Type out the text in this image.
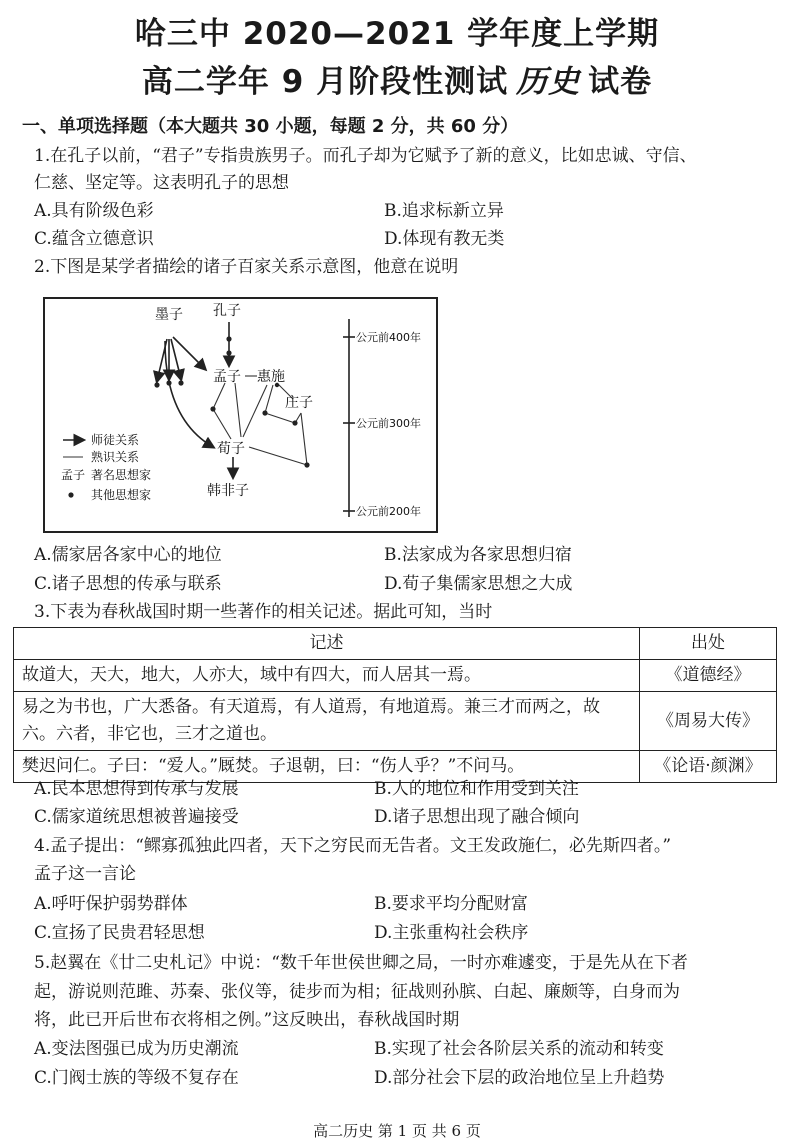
哈三中 2020—2021 学年度上学期
高二学年 9 月阶段性测试 历史 试卷
一、单项选择题（本大题共 30 小题，每题 2 分，共 60 分）
1.在孔子以前，“君子”专指贵族男子。而孔子却为它赋予了新的意义，比如忠诚、守信、
仁慈、坚定等。这表明孔子的思想
A.具有阶级色彩	B.追求标新立异
C.蕴含立德意识	D.体现有教无类
2.下图是某学者描绘的诸子百家关系示意图，他意在说明
墨子 孔子
孟子 惠施
庄子
荀子
韩非子
公元前400年
公元前300年
公元前200年
师徒关系
熟识关系
孟子 著名思想家
其他思想家
A.儒家居各家中心的地位	B.法家成为各家思想归宿
C.诸子思想的传承与联系	D.荀子集儒家思想之大成
3.下表为春秋战国时期一些著作的相关记述。据此可知，当时
记述	出处
故道大，天大，地大，人亦大，域中有四大，而人居其一焉。	《道德经》
易之为书也，广大悉备。有天道焉，有人道焉，有地道焉。兼三才而两之，故六。六者，非它也，三才之道也。	《周易大传》
樊迟问仁。子曰：“爱人。”厩焚。子退朝，曰：“伤人乎？”不问马。	《论语·颜渊》
A.民本思想得到传承与发展	B.人的地位和作用受到关注
C.儒家道统思想被普遍接受	D.诸子思想出现了融合倾向
4.孟子提出：“鳏寡孤独此四者，天下之穷民而无告者。文王发政施仁，必先斯四者。”
孟子这一言论
A.呼吁保护弱势群体	B.要求平均分配财富
C.宣扬了民贵君轻思想	D.主张重构社会秩序
5.赵翼在《廿二史札记》中说：“数千年世侯世卿之局，一时亦难遽变，于是先从在下者
起，游说则范雎、苏秦、张仪等，徒步而为相；征战则孙膑、白起、廉颇等，白身而为
将，此已开后世布衣将相之例。”这反映出，春秋战国时期
A.变法图强已成为历史潮流	B.实现了社会各阶层关系的流动和转变
C.门阀士族的等级不复存在	D.部分社会下层的政治地位呈上升趋势
高二历史 第 1 页 共 6 页
